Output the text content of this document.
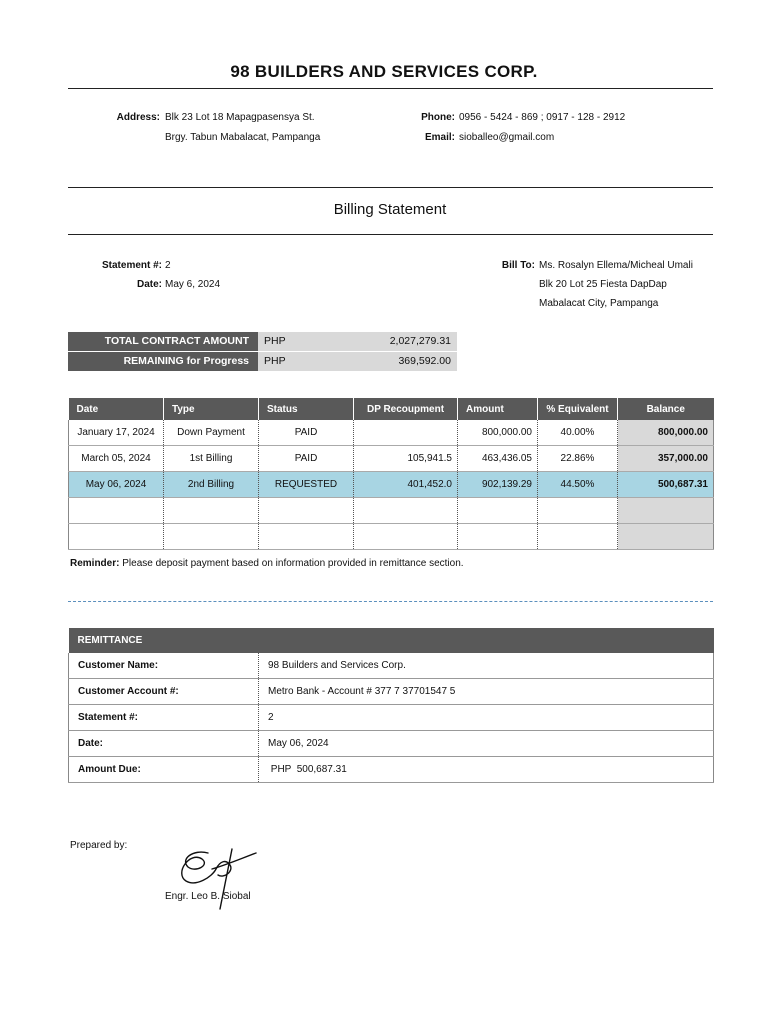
98 BUILDERS AND SERVICES CORP.
Address: Blk 23 Lot 18 Mapagpasensya St.
Brgy. Tabun Mabalacat, Pampanga
Phone: 0956 - 5424 - 869 ; 0917 - 128 - 2912
Email: sioballeo@gmail.com
Billing Statement
Statement #: 2
Date: May 6, 2024
Bill To: Ms. Rosalyn Ellema/Micheal Umali
Blk 20 Lot 25 Fiesta DapDap
Mabalacat City, Pampanga
TOTAL CONTRACT AMOUNT	PHP	2,027,279.31
REMAINING for Progress	PHP	369,592.00
Date	Type	Status	DP Recoupment	Amount	% Equivalent	Balance
January 17, 2024	Down Payment	PAID		800,000.00	40.00%	800,000.00
March 05, 2024	1st Billing	PAID	105,941.5	463,436.05	22.86%	357,000.00
May 06, 2024	2nd Billing	REQUESTED	401,452.0	902,139.29	44.50%	500,687.31

Reminder: Please deposit payment based on information provided in remittance section.
REMITTANCE	
Customer Name:	98 Builders and Services Corp.
Customer Account #:	Metro Bank - Account # 377 7 37701547 5
Statement #:	2
Date:	May 06, 2024
Amount Due:	PHP  500,687.31
Prepared by:
Engr. Leo B. Siobal
